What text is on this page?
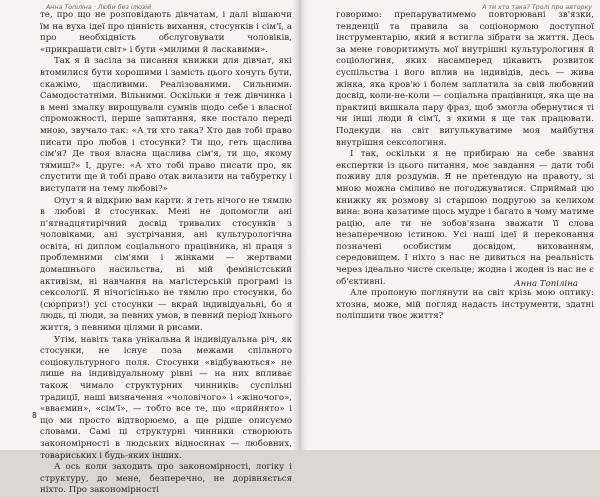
Анна Топіліна · Люби без ілюзій

те, про що не розповідають дівчатам, і далі вішаючи їм на вуха ідеї про цінність вихання, стосунків і сім'ї, а про необхідність обслуговувати чоловіків, «прикрашати світ» і бути «милими й ласкавими».

Так я й засіла за писання книжки для дівчат, які втомилися бути хорошими і замість цього хочуть бути, скажімо, щасливими. Реалізованими. Сильними. Самодостатніми. Вільними. Оскільки я теж дівчинка і в мені змалку вирощували сумнів щодо себе і власної спроможності, перше запитання, яке постало переді мною, звучало так: «А ти хто така? Хто дав тобі право писати про любов і стосунки? Ти що, геть щаслива сім'я? Де твоя власна щаслива сім'я, ти що, якому тямиш?» І, друге: «А хто тобі право писати про, як спустити ще й тобі право отак вилазити на табуретку і виступати на тему любові?»

Отут я й відкрию вам карти: я геть нічого не тямлю в любові й стосунках. Мені не допомогли ані п'ятнадцятирічний досвід тривалих стосунків з чоловіками, ані зустрічання, ані культурологічна освіта, ні диплом соціального працівника, ні праця з проблемними сім'ями і жінками — жертвами домашнього насильства, ні мій феміністський активізм, ні навчання на магістерській програмі із сексології. Я нічогісінько не тямлю про стосунки, бо (сюрприз!) усі стосунки — вкрай індивідуальні, бо я людь, ці люди, за певних умов, в певний період їхнього життя, з певними цілями й рисами.

Утім, навіть така унікальна й індивідуальна річ, як стосунки, не існує поза межами спільного соціокультурного поля. Стосунки «відбуваються» не лише на індивідуальному рівні — на них впливає також чимало структурних чинників: суспільні традиції, наші визначення «чоловічого» і «жіночого», «вваємин», «сім'ї», — тобто все те, що «прийнято» і що ми просто відтворюємо, а ще рідше описуємо словами. Самі ці структурні чинники створюють закономірності в людських відносинах — любовних, товариських і будь-яких інших.

А ось коли заходить про закономірності, логіку і структуру, до мене, безперечно, не дорівняється ніхто. Про закономірності

8
А ти хто така? Тролі про авторку

говоримо: препаруватимемо повторювані зв'язки, тенденції та правила за соціонормою доступної інструментарію, який я встигла зібрати за життя. Десь за мене говоритимуть мої внутрішні культурологиня й соціологиня, яких насамперед цікавить розвиток суспільства і його вплив на індивідів, десь — жива жінка, яка кров'ю і болем заплатила за свій любовний досвід, коли-не-коли — соціальна працівниця, яка ще на практиці вишкала пару фраз, щоб змогла обернутися ті чи інші люди й сім'ї, з якими я ще так працювати. Подекуди на світ вигулькуватиме моя майбутня внутрішня сексологиня.

І так, оскільки я не прибираю на себе звання експертки із цього питання, моє завдання — дати тобі поживу для роздумів. Я не претендую на правоту, зі мною можна сміливо не погоджуватися. Сприймай цю книжку як розмову зі старшою подругою за келихом вина: вона казатиме щось мудре і багато в чому матиме рацію, але ти не зобов'язана зважати її слова незаперечною істиною. Усі наші ідеї й переконання позначені особистим досвідом, вихованням, середовищем. І ніхто з нас не дивиться на реальність через ідеально чисте скельце; жодна і жоден із нас не є об'єктивні.

Але пропоную поглянути на світ крізь мою оптику: хтозна, може, мій погляд надасть інструменти, здатні поліпшити твоє життя?

Анна Топіліна
